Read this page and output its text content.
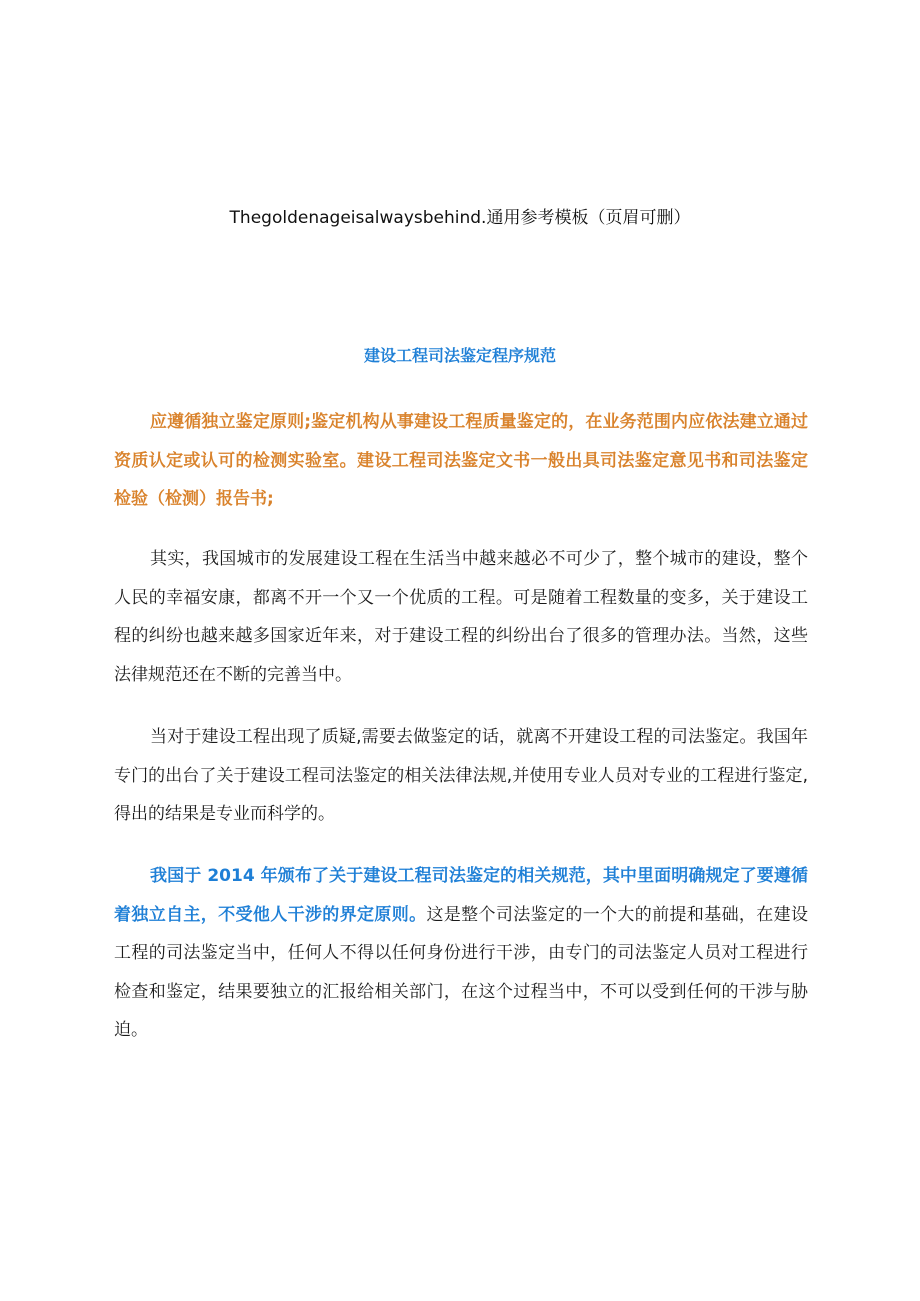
Thegoldenageisalwaysbehind.通用参考模板（页眉可删）
建设工程司法鉴定程序规范

应遵循独立鉴定原则;鉴定机构从事建设工程质量鉴定的，在业务范围内应依法建立通过资质认定或认可的检测实验室。建设工程司法鉴定文书一般出具司法鉴定意见书和司法鉴定检验（检测）报告书;

其实，我国城市的发展建设工程在生活当中越来越必不可少了，整个城市的建设，整个人民的幸福安康，都离不开一个又一个优质的工程。可是随着工程数量的变多，关于建设工程的纠纷也越来越多国家近年来，对于建设工程的纠纷出台了很多的管理办法。当然，这些法律规范还在不断的完善当中。

当对于建设工程出现了质疑,需要去做鉴定的话，就离不开建设工程的司法鉴定。我国年专门的出台了关于建设工程司法鉴定的相关法律法规,并使用专业人员对专业的工程进行鉴定,得出的结果是专业而科学的。

我国于 2014 年颁布了关于建设工程司法鉴定的相关规范，其中里面明确规定了要遵循着独立自主，不受他人干涉的界定原则。这是整个司法鉴定的一个大的前提和基础，在建设工程的司法鉴定当中，任何人不得以任何身份进行干涉，由专门的司法鉴定人员对工程进行检查和鉴定，结果要独立的汇报给相关部门，在这个过程当中，不可以受到任何的干涉与胁迫。
